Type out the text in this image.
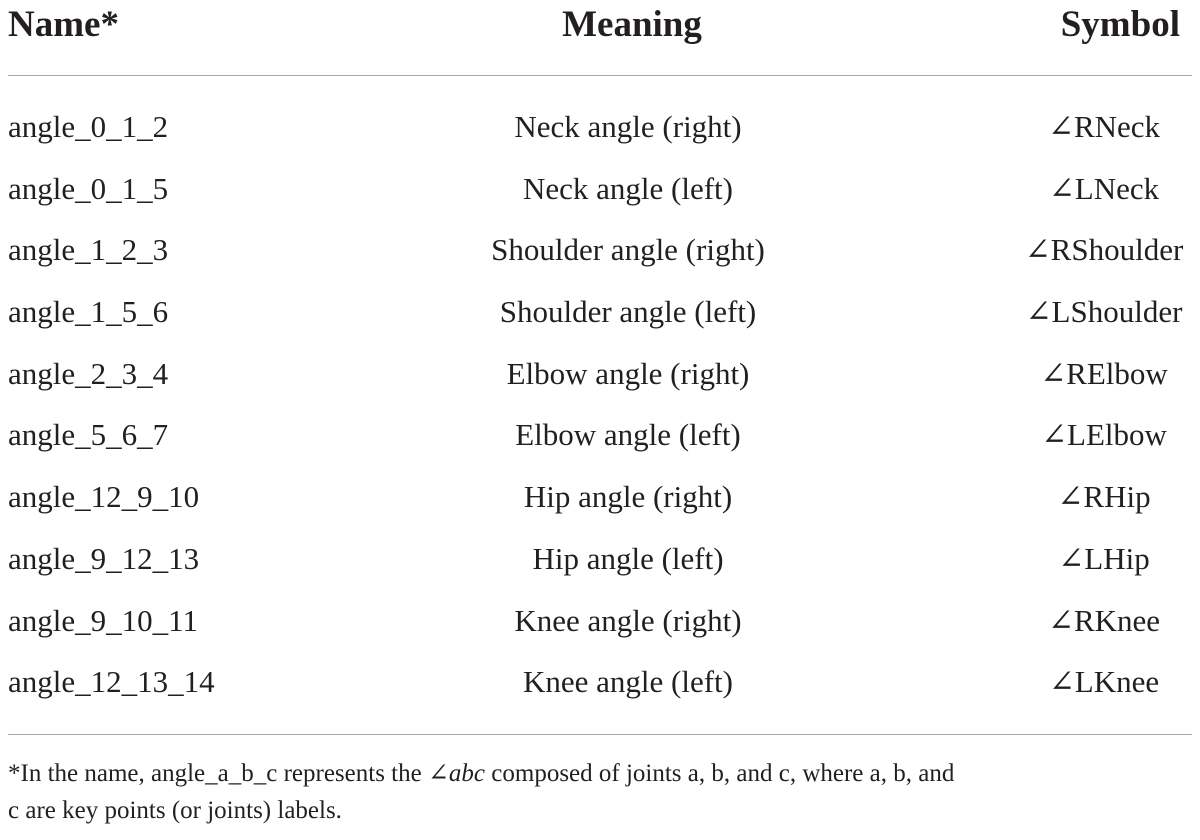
Name*	Meaning	Symbol
angle_0_1_2	Neck angle (right)	∠RNeck
angle_0_1_5	Neck angle (left)	∠LNeck
angle_1_2_3	Shoulder angle (right)	∠RShoulder
angle_1_5_6	Shoulder angle (left)	∠LShoulder
angle_2_3_4	Elbow angle (right)	∠RElbow
angle_5_6_7	Elbow angle (left)	∠LElbow
angle_12_9_10	Hip angle (right)	∠RHip
angle_9_12_13	Hip angle (left)	∠LHip
angle_9_10_11	Knee angle (right)	∠RKnee
angle_12_13_14	Knee angle (left)	∠LKnee
*In the name, angle_a_b_c represents the ∠abc composed of joints a, b, and c, where a, b, and
c are key points (or joints) labels.
